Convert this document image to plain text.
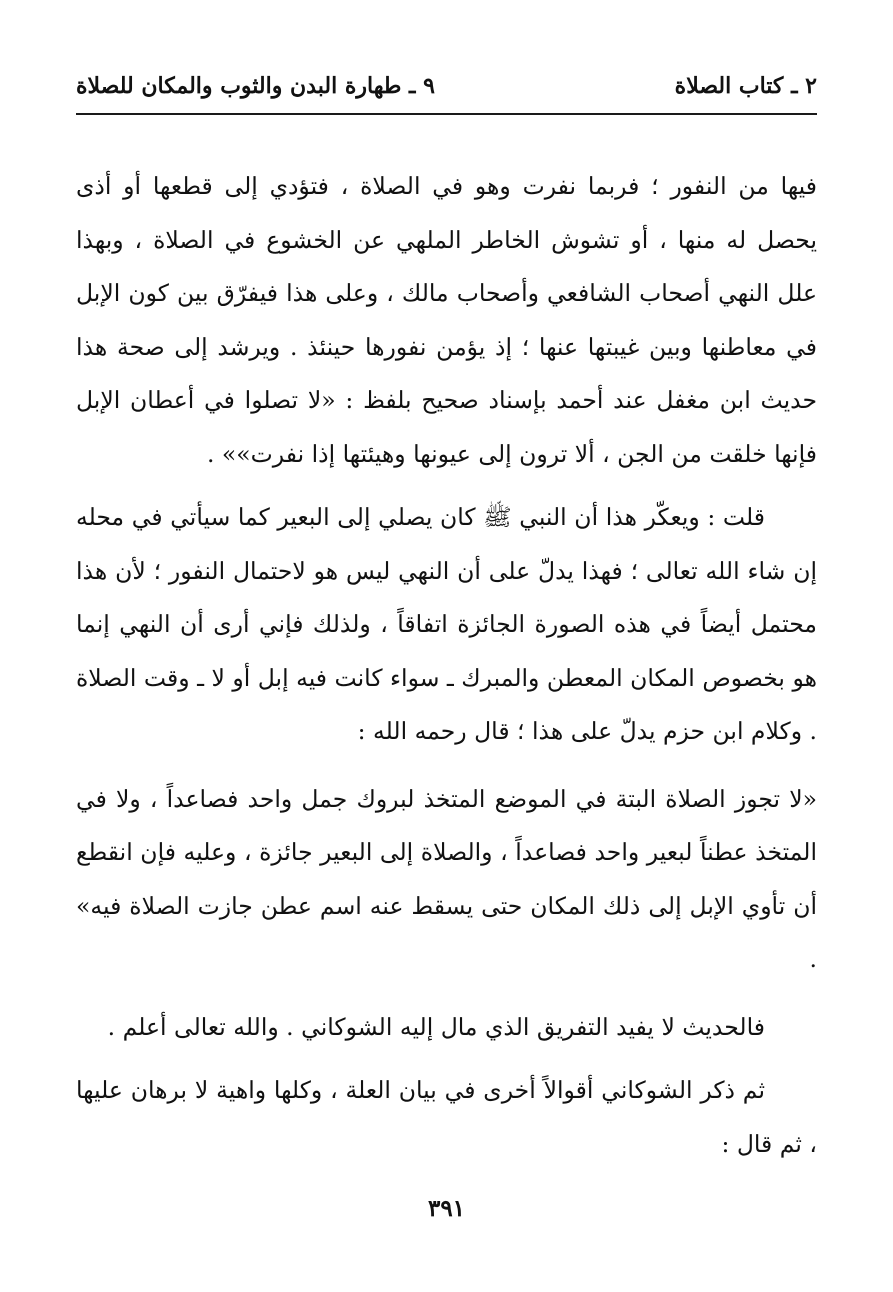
٢ ـ كتاب الصلاة
٩ ـ طهارة البدن والثوب والمكان للصلاة

فيها من النفور ؛ فربما نفرت وهو في الصلاة ، فتؤدي إلى قطعها أو أذى يحصل له منها ، أو تشوش الخاطر الملهي عن الخشوع في الصلاة ، وبهذا علل النهي أصحاب الشافعي وأصحاب مالك ، وعلى هذا فيفرّق بين كون الإبل في معاطنها وبين غيبتها عنها ؛ إذ يؤمن نفورها حينئذ . ويرشد إلى صحة هذا حديث ابن مغفل عند أحمد بإسناد صحيح بلفظ : «لا تصلوا في أعطان الإبل فإنها خلقت من الجن ، ألا ترون إلى عيونها وهيئتها إذا نفرت»» .

قلت : ويعكّر هذا أن النبي ﷺ كان يصلي إلى البعير كما سيأتي في محله إن شاء الله تعالى ؛ فهذا يدلّ على أن النهي ليس هو لاحتمال النفور ؛ لأن هذا محتمل أيضاً في هذه الصورة الجائزة اتفاقاً ، ولذلك فإني أرى أن النهي إنما هو بخصوص المكان المعطن والمبرك ـ سواء كانت فيه إبل أو لا ـ وقت الصلاة . وكلام ابن حزم يدلّ على هذا ؛ قال رحمه الله :

«لا تجوز الصلاة البتة في الموضع المتخذ لبروك جمل واحد فصاعداً ، ولا في المتخذ عطناً لبعير واحد فصاعداً ، والصلاة إلى البعير جائزة ، وعليه فإن انقطع أن تأوي الإبل إلى ذلك المكان حتى يسقط عنه اسم عطن جازت الصلاة فيه» .

فالحديث لا يفيد التفريق الذي مال إليه الشوكاني . والله تعالى أعلم .

ثم ذكر الشوكاني أقوالاً أخرى في بيان العلة ، وكلها واهية لا برهان عليها ، ثم قال :

٣٩١
